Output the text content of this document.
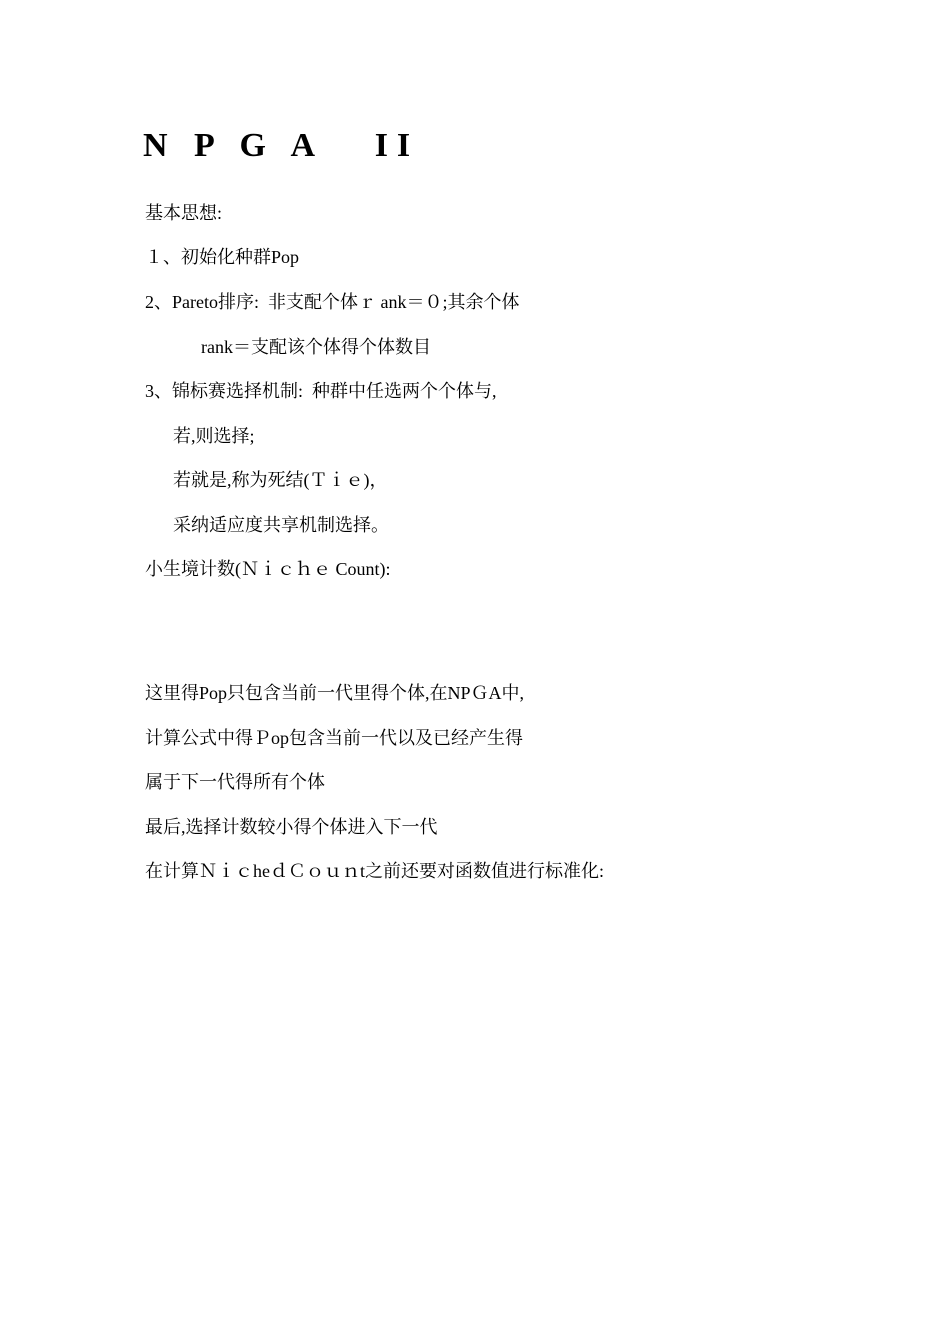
N P G A   II
基本思想:
１、初始化种群Pop
2、Pareto排序:  非支配个体ｒ ank＝０;其余个体
rank＝支配该个体得个体数目
3、锦标赛选择机制:  种群中任选两个个体与,
若,则选择;
若就是,称为死结(Ｔｉｅ)，
采纳适应度共享机制选择。
小生境计数(Ｎｉｃｈｅ Count):
这里得Pop只包含当前一代里得个体,在NPＧA中,
计算公式中得Ｐop包含当前一代以及已经产生得
属于下一代得所有个体
最后,选择计数较小得个体进入下一代
在计算ＮｉｃheｄＣｏｕｎt之前还要对函数值进行标准化:
